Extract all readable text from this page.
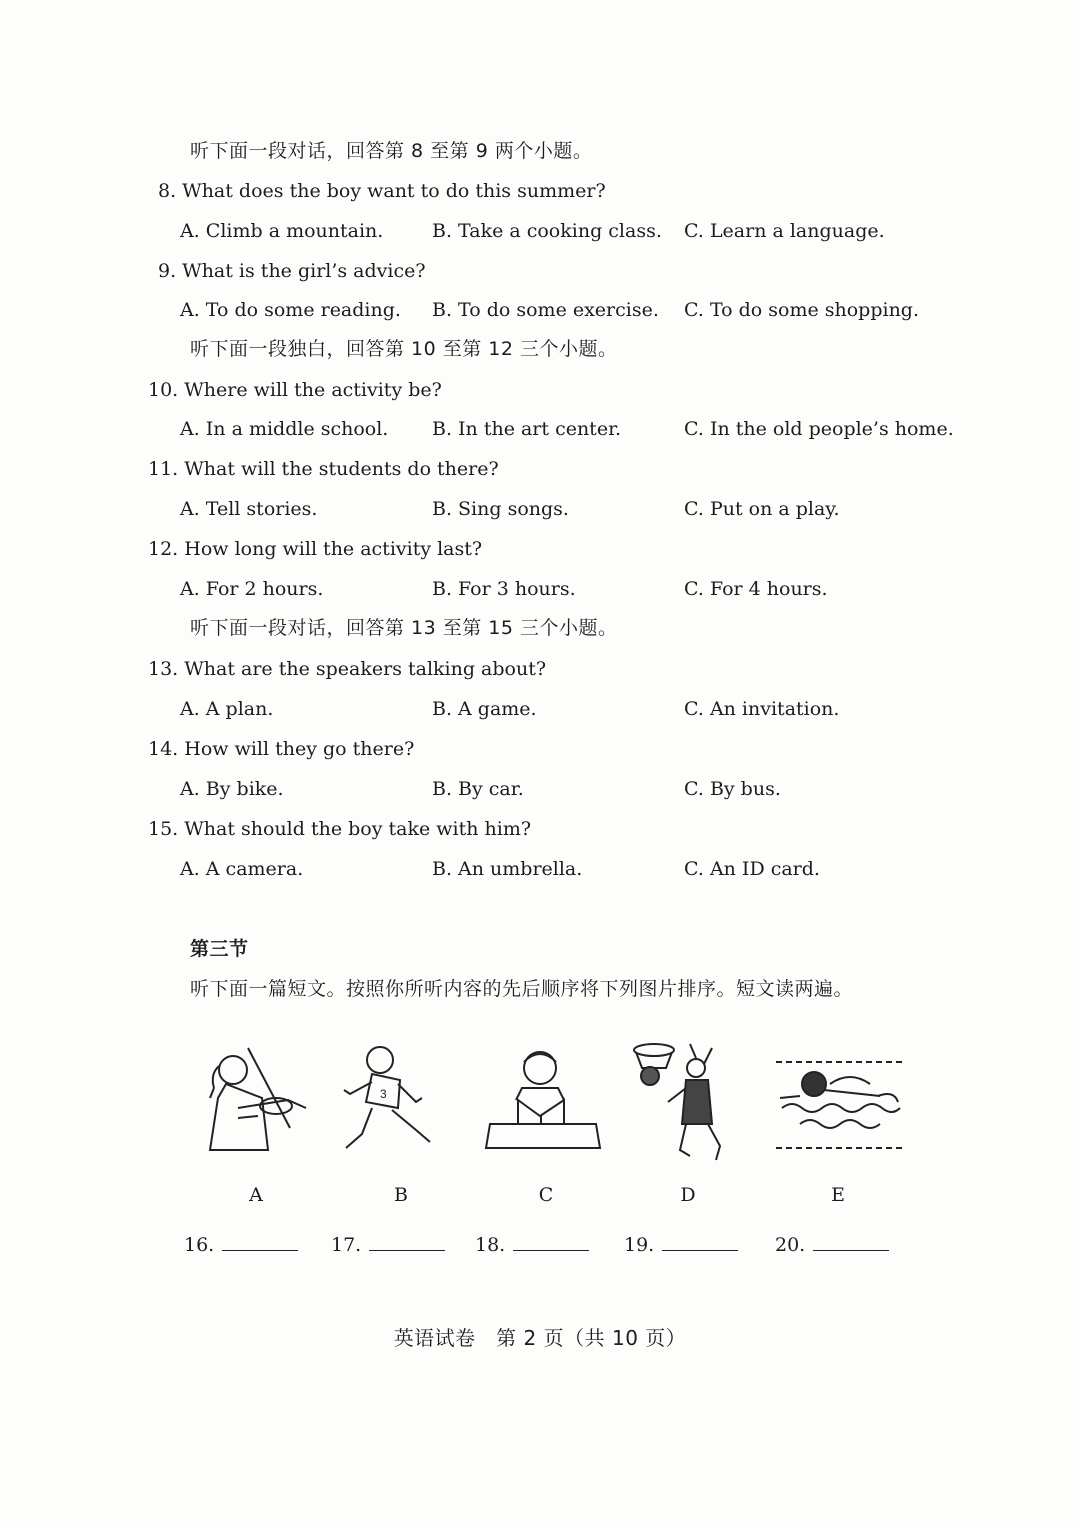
听下面一段对话，回答第 8 至第 9 两个小题。
8. What does the boy want to do this summer?
A. Climb a mountain.	B. Take a cooking class. C. Learn a language.
9. What is the girl’s advice?
A. To do some reading. B. To do some exercise. C. To do some shopping.
听下面一段独白，回答第 10 至第 12 三个小题。
10. Where will the activity be?
A. In a middle school. B. In the art center.	C. In the old people’s home.
11. What will the students do there?
A. Tell stories.	B. Sing songs.	C. Put on a play.
12. How long will the activity last?
A. For 2 hours.	B. For 3 hours.	C. For 4 hours.
听下面一段对话，回答第 13 至第 15 三个小题。
13. What are the speakers talking about?
A. A plan.	B. A game.	C. An invitation.
14. How will they go there?
A. By bike.	B. By car.	C. By bus.
15. What should the boy take with him?
A. A camera.	B. An umbrella.	C. An ID card.
第三节
听下面一篇短文。按照你所听内容的先后顺序将下列图片排序。短文读两遍。
3
A	B	C	D	E
16.	17.	18.	19.	20.
英语试卷　第 2 页（共 10 页）
